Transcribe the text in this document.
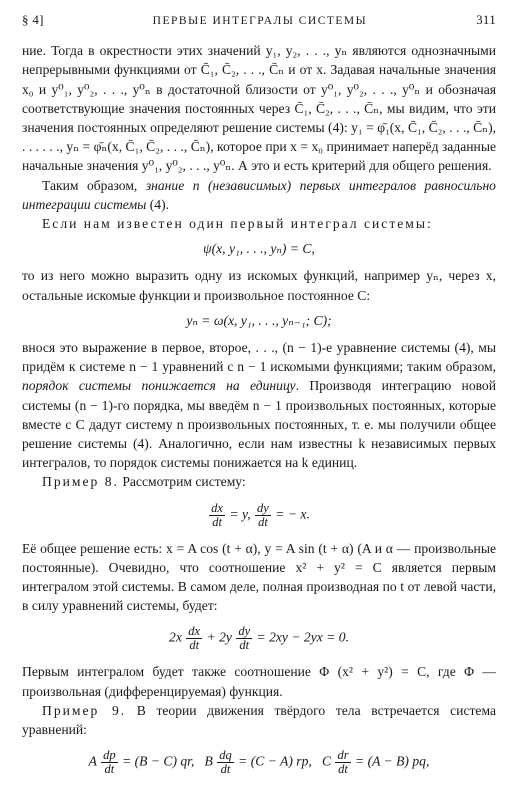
§ 4]	ПЕРВЫЕ ИНТЕГРАЛЫ СИСТЕМЫ	311

ние. Тогда в окрестности этих значений y₁, y₂, . . ., yₙ являются однозначными непрерывными функциями от C̄₁, C̄₂, . . ., C̄ₙ и от x. Задавая начальные значения x₀ и y⁰₁, y⁰₂, . . ., y⁰ₙ в достаточной близости от y⁰₁, y⁰₂, . . ., y⁰ₙ и обозначая соответствующие значения постоянных через C̄₁, C̄₂, . . ., C̄ₙ, мы видим, что эти значения постоянных определяют решение системы (4): y₁ = φ̄₁(x, C̄₁, C̄₂, . . ., C̄ₙ), . . . . . ., yₙ = φ̄ₙ(x, C̄₁, C̄₂, . . ., C̄ₙ), которое при x = x₀ принимает наперёд заданные начальные значения y⁰₁, y⁰₂, . . ., y⁰ₙ. А это и есть критерий для общего решения.

Таким образом, знание n (независимых) первых интегралов равносильно интеграции системы (4).

Если нам известен один первый интеграл системы:

ψ(x, y₁, . . ., yₙ) = C,

то из него можно выразить одну из искомых функций, например yₙ, через x, остальные искомые функции и произвольное постоянное C:

yₙ = ω(x, y₁, . . ., yₙ₋₁; C);

внося это выражение в первое, второе, . . ., (n − 1)-е уравнение системы (4), мы придём к системе n − 1 уравнений с n − 1 искомыми функциями; таким образом, порядок системы понижается на единицу. Производя интеграцию новой системы (n − 1)-го порядка, мы введём n − 1 произвольных постоянных, которые вместе с C дадут систему n произвольных постоянных, т. е. мы получили общее решение системы (4). Аналогично, если нам известны k независимых первых интегралов, то порядок системы понижается на k единиц.

Пример 8. Рассмотрим систему:

$\frac{dx}{dt} = y$, $\frac{dy}{dt}$ = − x.

Её общее решение есть: x = A cos (t + α), y = A sin (t + α) (A и α — произвольные постоянные). Очевидно, что соотношение x² + y² = C является первым интегралом этой системы. В самом деле, полная производная по t от левой части, в силу уравнений системы, будет:

$2x \frac{dx}{dt} + 2y \frac{dy}{dt} = 2xy - 2yx = 0$.

Первым интегралом будет также соотношение Φ (x² + y²) = C, где Φ — произвольная (дифференцируемая) функция.

Пример 9. В теории движения твёрдого тела встречается система уравнений:

A $\frac{dp}{dt} = (B - C)$ qr, B $\frac{dq}{dt} = (C - A)$ rp, C $\frac{dr}{dt} = (A - B)$ pq,
